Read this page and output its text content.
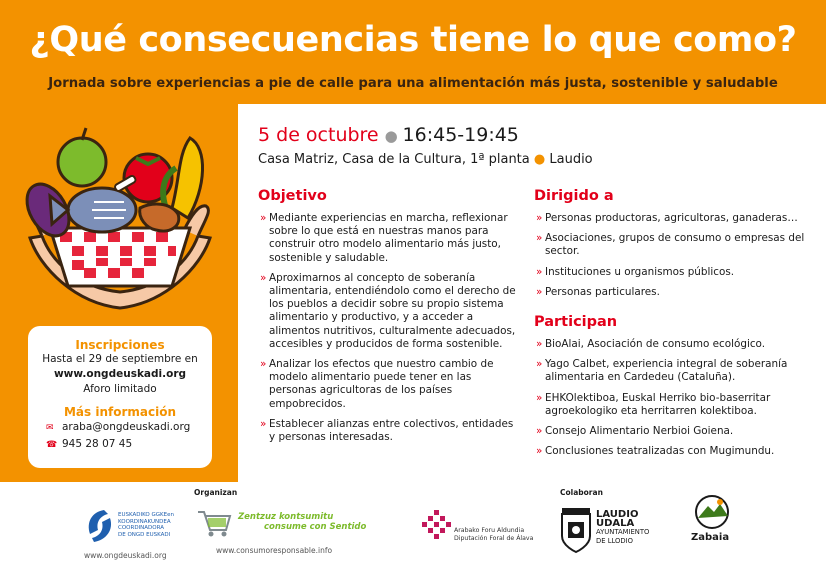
¿Qué consecuencias tiene lo que como?
Jornada sobre experiencias a pie de calle para una alimentación más justa, sostenible y saludable
Inscripciones
Hasta el 29 de septiembre en
www.ongdeuskadi.org
Aforo limitado
Más información
✉ araba@ongdeuskadi.org
☎ 945 28 07 45
5 de octubre ● 16:45-19:45
Casa Matriz, Casa de la Cultura, 1ª planta ● Laudio
Objetivo
» Mediante experiencias en marcha, reflexionar sobre lo que está en nuestras manos para construir otro modelo alimentario más justo, sostenible y saludable.
» Aproximarnos al concepto de soberanía alimentaria, entendiéndolo como el derecho de los pueblos a decidir sobre su propio sistema alimentario y productivo, y a acceder a alimentos nutritivos, culturalmente adecuados, accesibles y producidos de forma sostenible.
» Analizar los efectos que nuestro cambio de modelo alimentario puede tener en las personas agricultoras de los países empobrecidos.
» Establecer alianzas entre colectivos, entidades y personas interesadas.
Dirigido a
» Personas productoras, agricultoras, ganaderas…
» Asociaciones, grupos de consumo o empresas del sector.
» Instituciones u organismos públicos.
» Personas particulares.
Participan
» BioAlai, Asociación de consumo ecológico.
» Yago Calbet, experiencia integral de soberanía alimentaria en Cardedeu (Cataluña).
» EHKOlektiboa, Euskal Herriko bio-baserritar agroekologiko eta herritarren kolektiboa.
» Consejo Alimentario Nerbioi Goiena.
» Conclusiones teatralizadas con Mugimundu.
Organizan	Colaboran
EUSKADIKO GGKEen
KOORDINAKUNDEA
COORDINADORA
DE ONGD EUSKADI
www.ongdeuskadi.org
Zentzuz kontsumitu
consume con Sentido
www.consumoresponsable.info
Arabako Foru Aldundia
Diputación Foral de Álava
LAUDIO
UDALA
AYUNTAMIENTO
DE LLODIO	Zabaia
